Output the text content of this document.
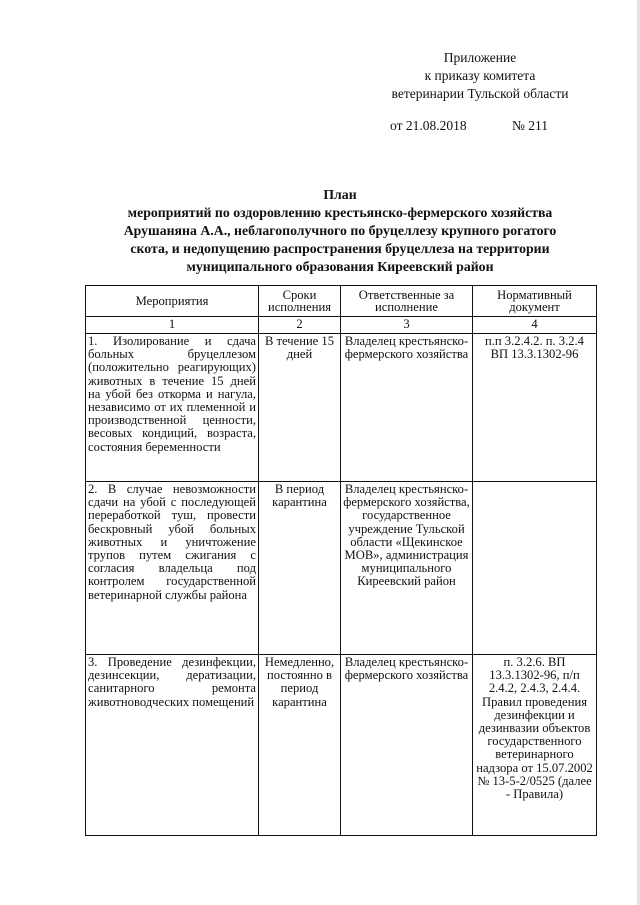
Приложение
к приказу комитета
ветеринарии Тульской области
от 21.08.2018	№ 211
План
мероприятий по оздоровлению крестьянско-фермерского хозяйства
Арушаняна А.А., неблагополучного по бруцеллезу крупного рогатого
скота, и недопущению распространения бруцеллеза на территории
муниципального образования Киреевский район
Мероприятия	Сроки исполнения	Ответственные за исполнение	Нормативный документ
1	2	3	4
1. Изолирование и сдача больных бруцеллезом (положительно реагирующих) животных в течение 15 дней на убой без откорма и нагула, независимо от их племенной и производственной ценности, весовых кондиций, возраста, состояния беременности	В течение 15 дней	Владелец крестьянско-фермерского хозяйства	п.п 3.2.4.2. п. 3.2.4 ВП 13.3.1302-96
2. В случае невозможности сдачи на убой с последующей переработкой туш, провести бескровный убой больных животных и уничтожение трупов путем сжигания с согласия владельца под контролем государственной ветеринарной службы района	В период карантина	Владелец крестьянско-фермерского хозяйства, государственное учреждение Тульской области «Щекинское МОВ», администрация муниципального Киреевский район	
3. Проведение дезинфекции, дезинсекции, дератизации, санитарного ремонта животноводческих помещений	Немедленно, постоянно в период карантина	Владелец крестьянско-фермерского хозяйства	п. 3.2.6. ВП 13.3.1302-96, п/п 2.4.2, 2.4.3, 2.4.4. Правил проведения дезинфекции и дезинвазии объектов государственного ветеринарного надзора от 15.07.2002 № 13-5-2/0525 (далее - Правила)
